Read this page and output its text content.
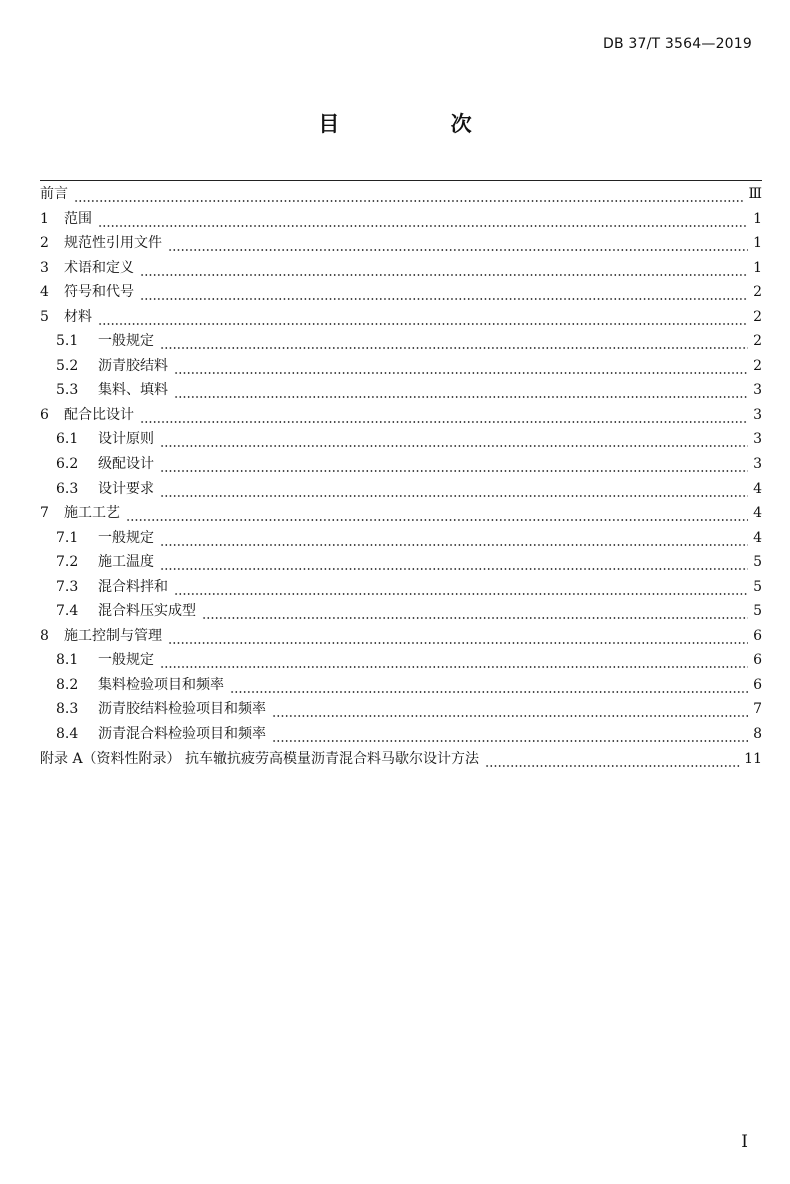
DB 37/T 3564—2019
目 次
前言	Ⅲ
1	范围	1
2	规范性引用文件	1
3	术语和定义	1
4	符号和代号	2
5	材料	2
5.1	一般规定	2
5.2	沥青胶结料	2
5.3	集料、填料	3
6	配合比设计	3
6.1	设计原则	3
6.2	级配设计	3
6.3	设计要求	4
7	施工工艺	4
7.1	一般规定	4
7.2	施工温度	5
7.3	混合料拌和	5
7.4	混合料压实成型	5
8	施工控制与管理	6
8.1	一般规定	6
8.2	集料检验项目和频率	6
8.3	沥青胶结料检验项目和频率	7
8.4	沥青混合料检验项目和频率	8
附录 A（资料性附录） 抗车辙抗疲劳高模量沥青混合料马歇尔设计方法	11
I
